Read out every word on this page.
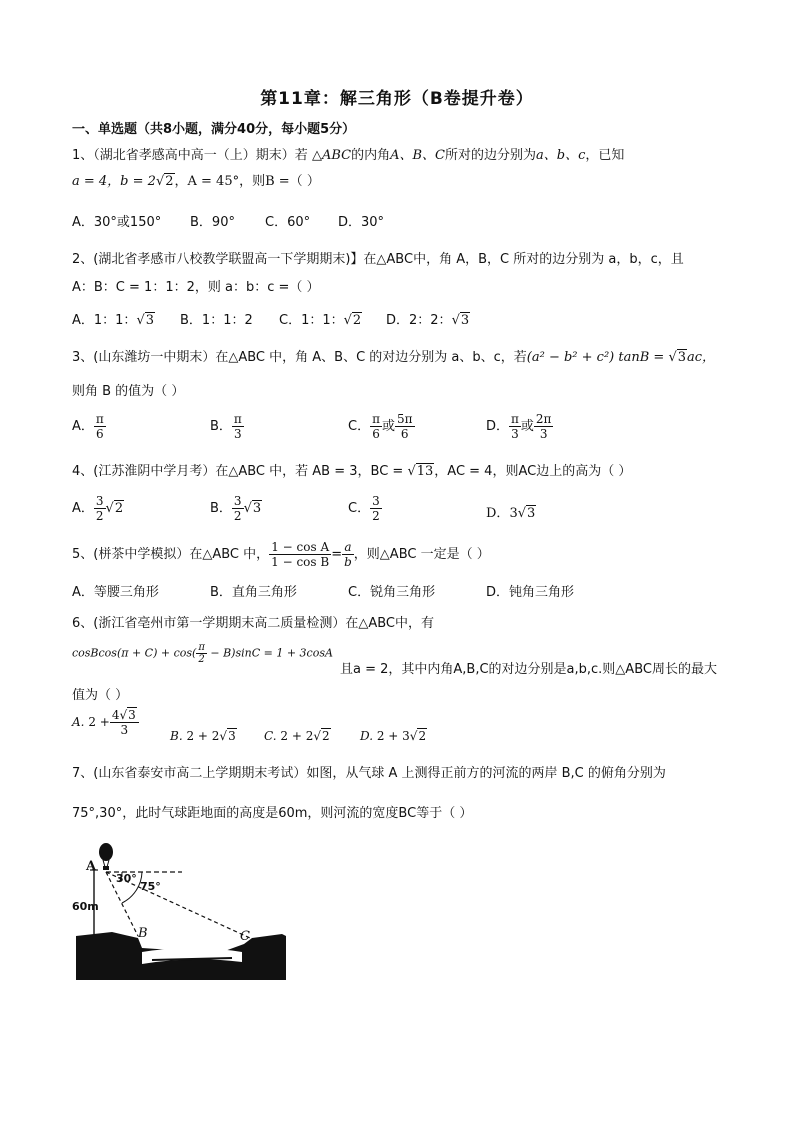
第11章：解三角形（B卷提升卷）
一、单选题（共8小题，满分40分，每小题5分）
1、（湖北省孝感高中高一（上）期末）若 △ABC的内角A、B、C所对的边分别为a、b、c，已知
a = 4，b = 2√2，A = 45°，则B =（ ）
A．30°或150° B．90° C．60° D．30°
2、(湖北省孝感市八校教学联盟高一下学期期末)】在△ABC中，角 A，B，C 所对的边分别为 a，b，c，且
A：B：C = 1：1：2，则 a：b：c =（ ）
A．1：1：√3 B．1：1：2 C．1：1：√2 D．2：2：√3
3、(山东潍坊一中期末）在△ABC 中，角 A、B、C 的对边分别为 a、b、c，若(a² − b² + c²) tanB = √3ac，
则角 B 的值为（ ）
A． $\frac{\pi}{6}$	B． $\frac{\pi}{3}$	C． $\frac{\pi}{6}$ 或 $\frac{5\pi}{6}$	D． $\frac{\pi}{3}$ 或 $\frac{2\pi}{3}$
4、(江苏淮阴中学月考）在△ABC 中，若 AB = 3，BC = √13，AC = 4，则AC边上的高为（ ）
A． $\frac{3}{2} √2$	B． $\frac{3}{2} √3$	C． $\frac{3}{2}$	D．3√3
5、(栟茶中学模拟）在△ABC 中， $\frac{\text{1 − cos A}}{\text{1 − cos B}} = \frac{a}{b}$ ，则△ABC 一定是（ ）
A．等腰三角形	B．直角三角形	C．锐角三角形	D．钝角三角形
6、(浙江省亳州市第一学期期末高二质量检测）在△ABC中，有
cosBcos(π + $C) + \cos( \frac{\pi}{2} - B)\sin C = 1 + 3\cos A$
且a = 2，其中内角A,B,C的对边分别是a,b,c.则△ABC周长的最大
值为（ ）
A. $2 + \frac{4√3}{3}$	B. 2 + 2√3 C. 2 + 2√2	D. 2 + 3√2
7、(山东省泰安市高二上学期期末考试）如图，从气球 A 上测得正前方的河流的两岸 B,C 的俯角分别为
75°,30°，此时气球距地面的高度是60m，则河流的宽度BC等于（ ）
A
B	C
30°
75°
60m
